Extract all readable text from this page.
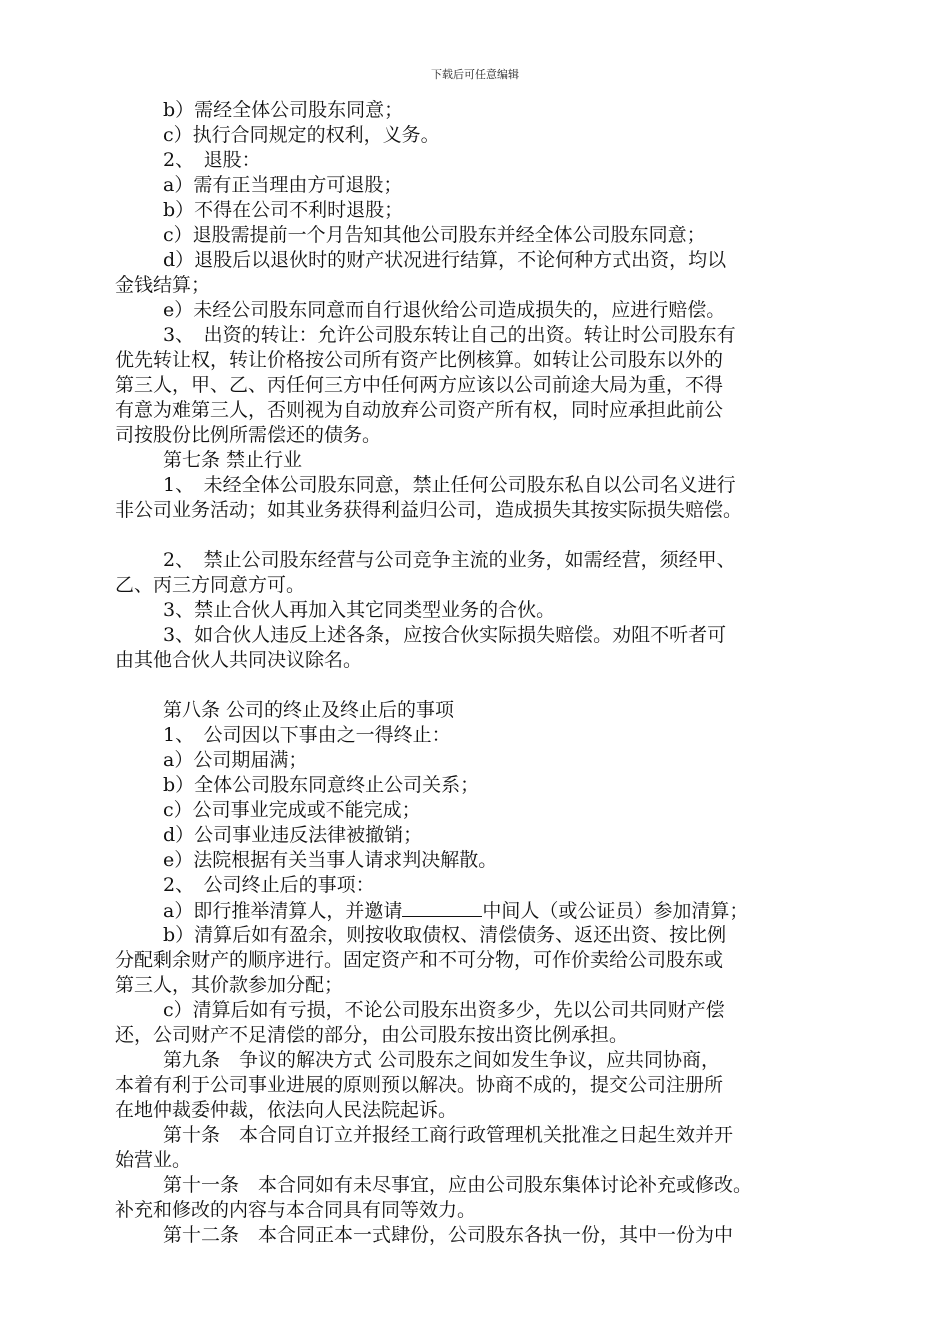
下载后可任意编辑
b）需经全体公司股东同意；
c）执行合同规定的权利，义务。
2、　退股：
a）需有正当理由方可退股；
b）不得在公司不利时退股；
c）退股需提前一个月告知其他公司股东并经全体公司股东同意；
d）退股后以退伙时的财产状况进行结算，不论何种方式出资，均以
金钱结算；
e）未经公司股东同意而自行退伙给公司造成损失的，应进行赔偿。
3、　出资的转让：允许公司股东转让自己的出资。转让时公司股东有
优先转让权，转让价格按公司所有资产比例核算。如转让公司股东以外的
第三人，甲、乙、丙任何三方中任何两方应该以公司前途大局为重，不得
有意为难第三人，否则视为自动放弃公司资产所有权，同时应承担此前公
司按股份比例所需偿还的债务。
第七条 禁止行业
1、　未经全体公司股东同意，禁止任何公司股东私自以公司名义进行
非公司业务活动；如其业务获得利益归公司，造成损失其按实际损失赔偿。
2、　禁止公司股东经营与公司竞争主流的业务，如需经营，须经甲、
乙、丙三方同意方可。
3、禁止合伙人再加入其它同类型业务的合伙。
3、如合伙人违反上述各条，应按合伙实际损失赔偿。劝阻不听者可
由其他合伙人共同决议除名。
第八条 公司的终止及终止后的事项
1、　公司因以下事由之一得终止：
a）公司期届满；
b）全体公司股东同意终止公司关系；
c）公司事业完成或不能完成；
d）公司事业违反法律被撤销；
e）法院根据有关当事人请求判决解散。
2、　公司终止后的事项：
a）即行推举清算人，并邀请	中间人（或公证员）参加清算；
b）清算后如有盈余，则按收取债权、清偿债务、返还出资、按比例
分配剩余财产的顺序进行。固定资产和不可分物，可作价卖给公司股东或
第三人，其价款参加分配；
c）清算后如有亏损，不论公司股东出资多少，先以公司共同财产偿
还，公司财产不足清偿的部分，由公司股东按出资比例承担。
第九条　争议的解决方式 公司股东之间如发生争议，应共同协商，
本着有利于公司事业进展的原则预以解决。协商不成的，提交公司注册所
在地仲裁委仲裁，依法向人民法院起诉。
第十条　本合同自订立并报经工商行政管理机关批准之日起生效并开
始营业。
第十一条　本合同如有未尽事宜，应由公司股东集体讨论补充或修改。
补充和修改的内容与本合同具有同等效力。
第十二条　本合同正本一式肆份，公司股东各执一份，其中一份为中
